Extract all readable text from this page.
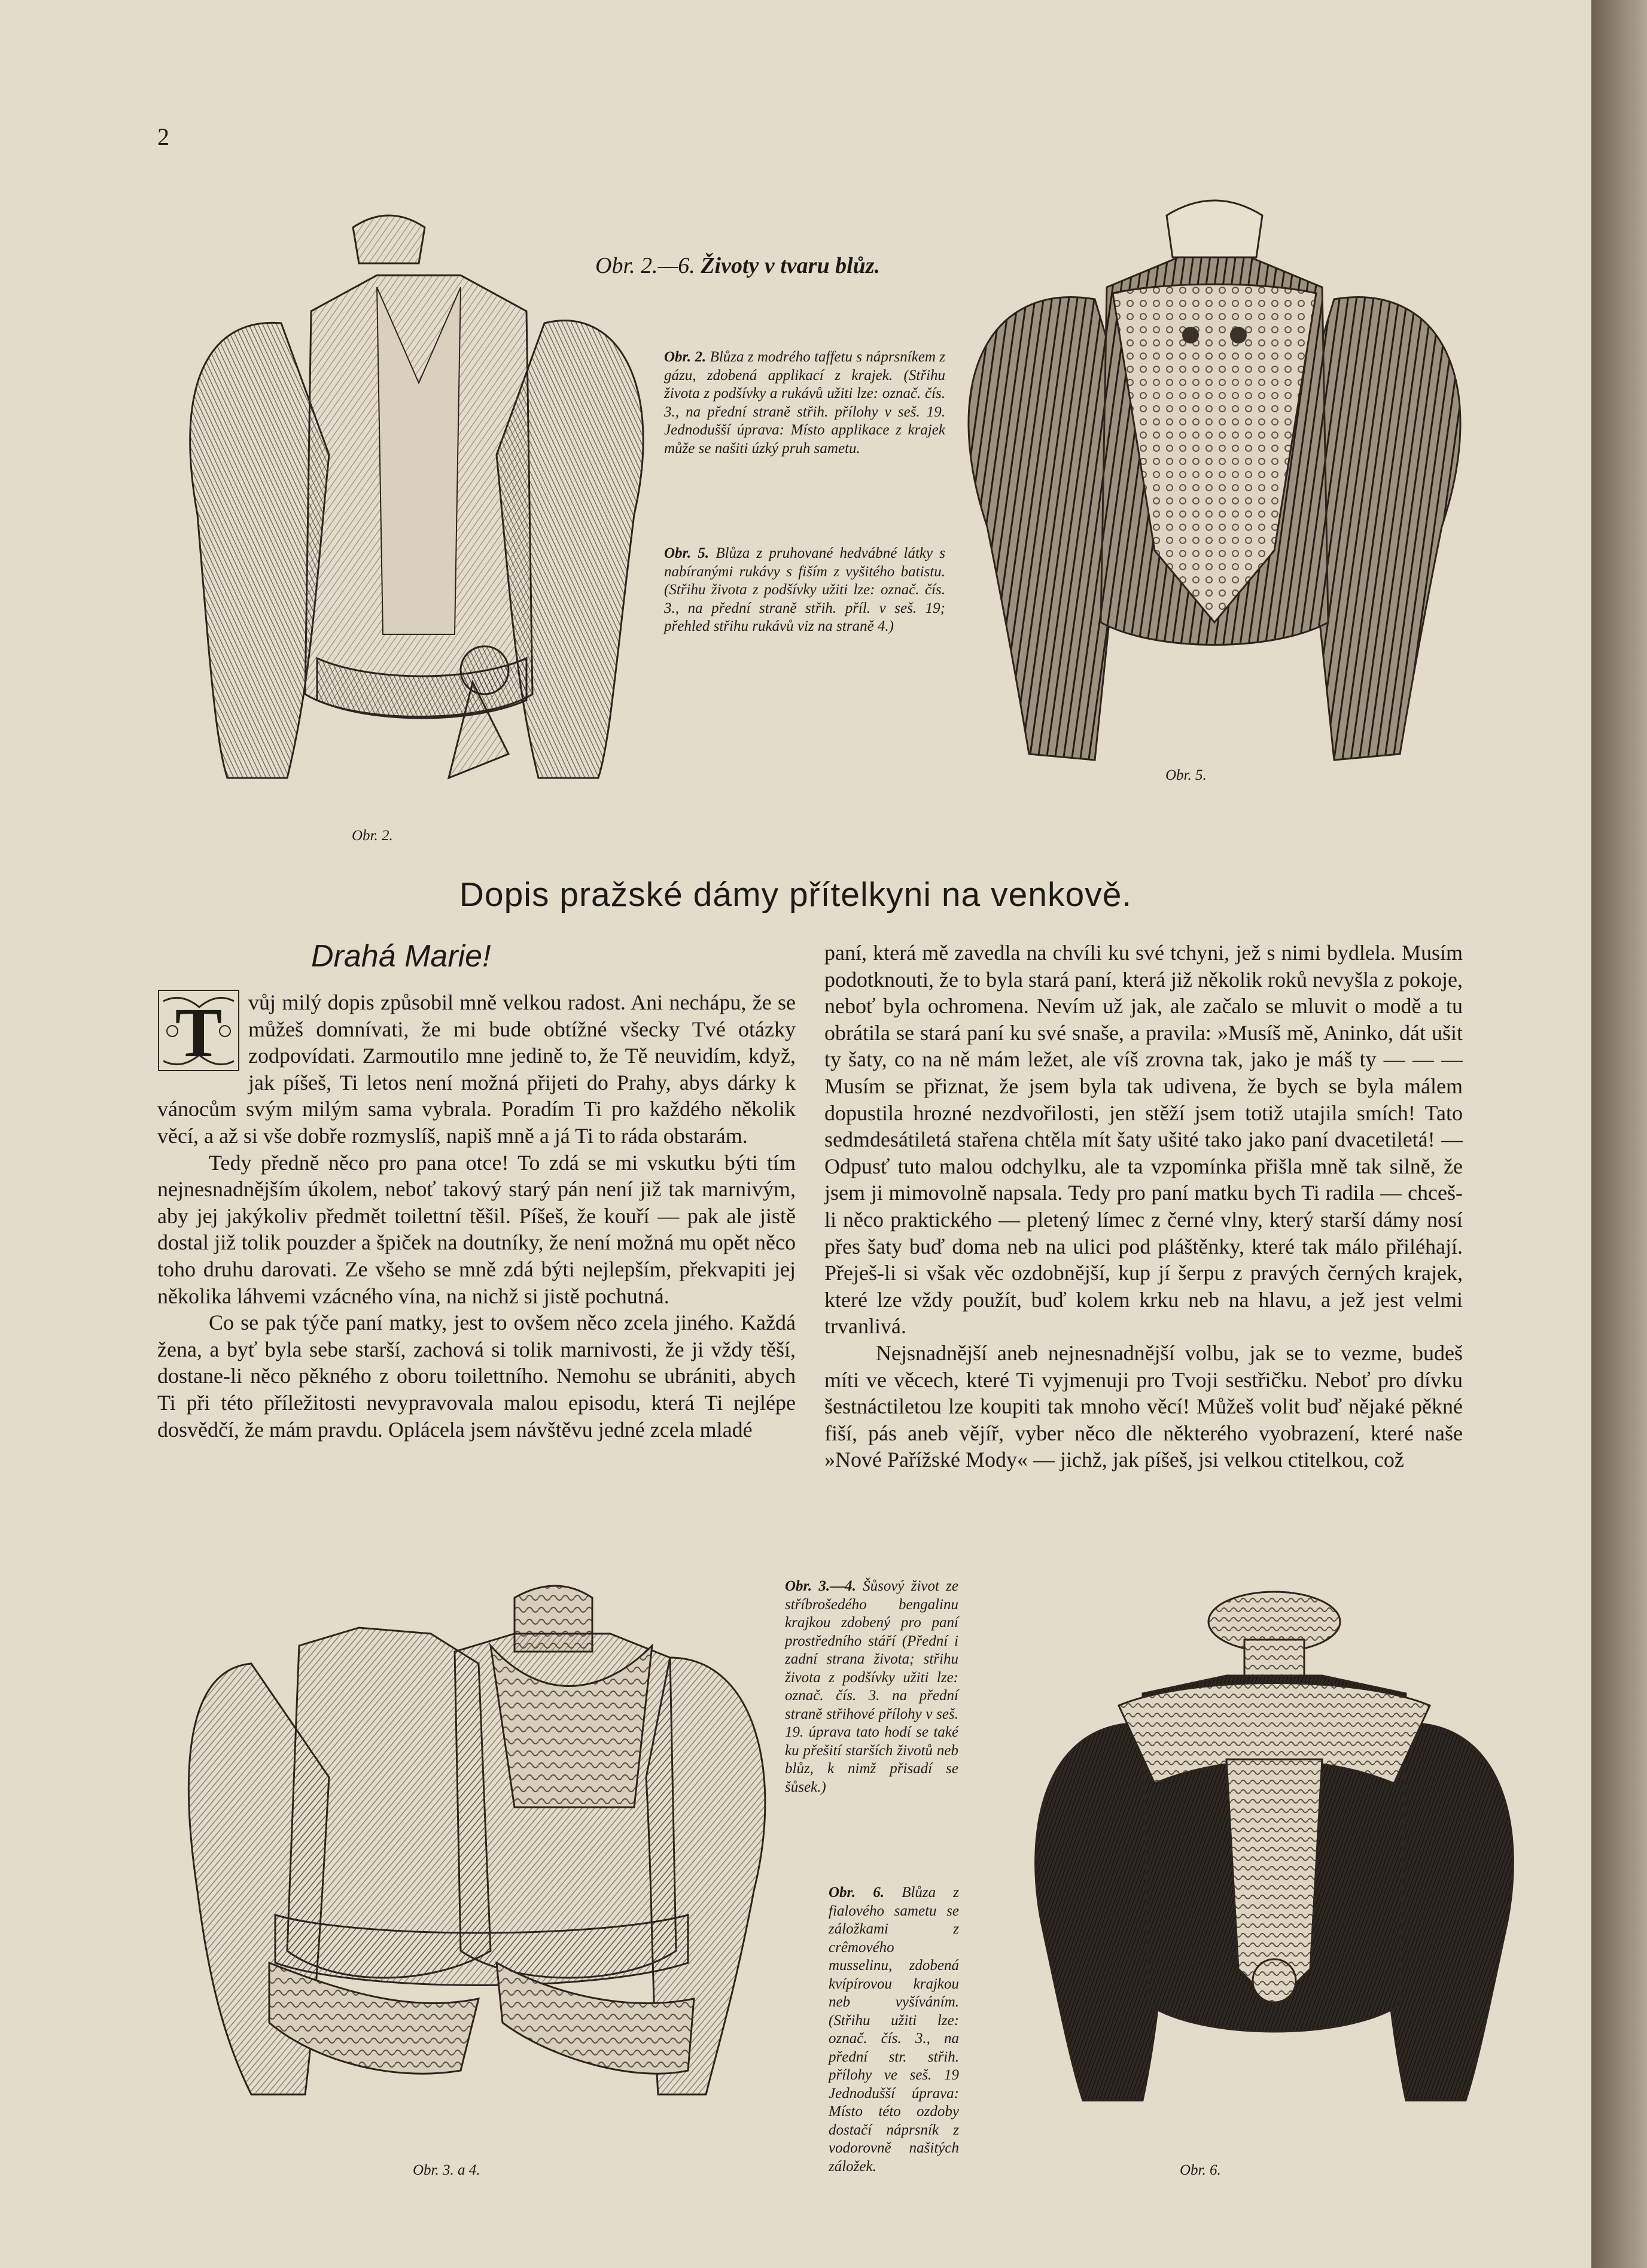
2
Obr. 2.—6. Životy v tvaru blůz.
Obr. 2. Blůza z modrého taffetu s náprsníkem z gázu, zdobená applikací z krajek. (Střihu života z podšívky a rukávů užiti lze: označ. čís. 3., na přední straně střih. přílohy v seš. 19. Jednodušší úprava: Místo applikace z krajek může se našiti úzký pruh sametu.
Obr. 5. Blůza z pruhované hedvábné látky s nabíranými rukávy s fiším z vyšitého batistu. (Střihu života z podšívky užiti lze: označ. čís. 3., na přední straně střih. příl. v seš. 19; přehled střihu rukávů viz na straně 4.)
Obr. 2.
Obr. 5.
Dopis pražské dámy přítelkyni na venkově.
Drahá Marie!

T vůj milý dopis způsobil mně velkou radost. Ani nechápu, že se můžeš domnívati, že mi bude obtížné všecky Tvé otázky zodpovídati. Zarmoutilo mne jedině to, že Tě neuvidím, když, jak píšeš, Ti letos není možná přijeti do Prahy, abys dárky k vánocům svým milým sama vybrala. Poradím Ti pro každého několik věcí, a až si vše dobře rozmyslíš, napiš mně a já Ti to ráda obstarám.

Tedy předně něco pro pana otce! To zdá se mi vskutku býti tím nejnesnadnějším úkolem, neboť takový starý pán není již tak marnivým, aby jej jakýkoliv předmět toilettní těšil. Píšeš, že kouří — pak ale jistě dostal již tolik pouzder a špiček na doutníky, že není možná mu opět něco toho druhu darovati. Ze všeho se mně zdá býti nejlepším, překvapiti jej několika láhvemi vzácného vína, na nichž si jistě pochutná.

Co se pak týče paní matky, jest to ovšem něco zcela jiného. Každá žena, a byť byla sebe starší, zachová si tolik marnivosti, že ji vždy těší, dostane-li něco pěkného z oboru toilettního. Nemohu se ubrániti, abych Ti při této příležitosti nevypravovala malou episodu, která Ti nejlépe dosvědčí, že mám pravdu. Oplácela jsem návštěvu jedné zcela mladé

paní, která mě zavedla na chvíli ku své tchyni, jež s nimi bydlela. Musím podotknouti, že to byla stará paní, která již několik roků nevyšla z pokoje, neboť byla ochromena. Nevím už jak, ale začalo se mluvit o modě a tu obrátila se stará paní ku své snaše, a pravila: »Musíš mě, Aninko, dát ušit ty šaty, co na ně mám ležet, ale víš zrovna tak, jako je máš ty — — — Musím se přiznat, že jsem byla tak udivena, že bych se byla málem dopustila hrozné nezdvořilosti, jen stěží jsem totiž utajila smích! Tato sedmdesátiletá stařena chtěla mít šaty ušité tako jako paní dvacetiletá! — Odpusť tuto malou odchylku, ale ta vzpomínka přišla mně tak silně, že jsem ji mimovolně napsala. Tedy pro paní matku bych Ti radila — chceš-li něco praktického — pletený límec z černé vlny, který starší dámy nosí přes šaty buď doma neb na ulici pod pláštěnky, které tak málo přiléhají. Přeješ-li si však věc ozdobnější, kup jí šerpu z pravých černých krajek, které lze vždy použít, buď kolem krku neb na hlavu, a jež jest velmi trvanlivá.

Nejsnadnější aneb nejnesnadnější volbu, jak se to vezme, budeš míti ve věcech, které Ti vyjmenuji pro Tvoji sestřičku. Neboť pro dívku šestnáctiletou lze koupiti tak mnoho věcí! Můžeš volit buď nějaké pěkné fiší, pás aneb vějíř, vyber něco dle některého vyobrazení, které naše »Nové Pařížské Mody« — jichž, jak píšeš, jsi velkou ctitelkou, což

Obr. 3.—4. Šůsový život ze stříbrošedého bengalinu krajkou zdobený pro paní prostředního stáří (Přední i zadní strana života; střihu života z podšívky užiti lze: označ. čís. 3. na přední straně střihové přílohy v seš. 19. úprava tato hodí se také ku přešití starších životů neb blůz, k nimž přisadí se šůsek.)
Obr. 6. Blůza z fialového sametu se záložkami z crêmového musselinu, zdobená kvípírovou krajkou neb vyšíváním. (Střihu užiti lze: označ. čís. 3., na přední str. střih. přílohy ve seš. 19 Jednodušší úprava: Místo této ozdoby dostačí náprsník z vodorovně našitých záložek.
Obr. 3. a 4.	Obr. 6.
